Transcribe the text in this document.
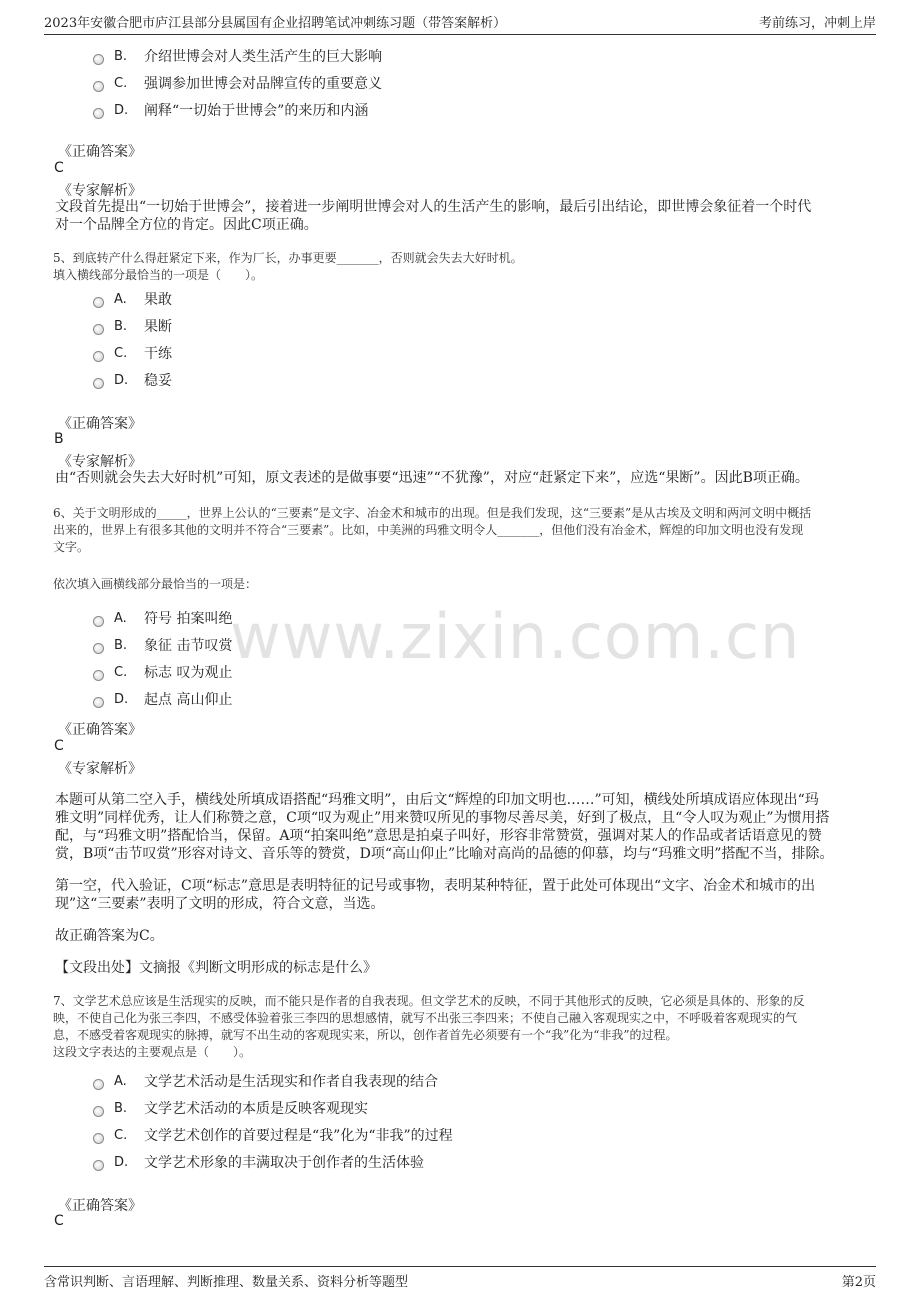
2023年安徽合肥市庐江县部分县属国有企业招聘笔试冲刺练习题（带答案解析）	考前练习，冲刺上岸
www.zixin.com.cn
B.	介绍世博会对人类生活产生的巨大影响
C.	强调参加世博会对品牌宣传的重要意义
D.	阐释“一切始于世博会”的来历和内涵
《正确答案》
C
《专家解析》
文段首先提出“一切始于世博会”，接着进一步阐明世博会对人的生活产生的影响，最后引出结论，即世博会象征着一个时代
对一个品牌全方位的肯定。因此C项正确。
5、到底转产什么得赶紧定下来，作为厂长，办事更要_______，否则就会失去大好时机。
填入横线部分最恰当的一项是（　　）。
A.	果敢
B.	果断
C.	干练
D.	稳妥
《正确答案》
B
《专家解析》
由“否则就会失去大好时机”可知，原文表述的是做事要“迅速”“不犹豫”，对应“赶紧定下来”，应选“果断”。因此B项正确。
6、关于文明形成的_____，世界上公认的“三要素”是文字、冶金术和城市的出现。但是我们发现，这“三要素”是从古埃及文明和两河文明中概括
出来的，世界上有很多其他的文明并不符合“三要素”。比如，中美洲的玛雅文明令人_______，但他们没有冶金术，辉煌的印加文明也没有发现
文字。
依次填入画横线部分最恰当的一项是：
A.	符号 拍案叫绝
B.	象征 击节叹赏
C.	标志 叹为观止
D.	起点 高山仰止
《正确答案》
C
《专家解析》
本题可从第二空入手，横线处所填成语搭配“玛雅文明”，由后文“辉煌的印加文明也……”可知，横线处所填成语应体现出“玛
雅文明”同样优秀，让人们称赞之意，C项“叹为观止”用来赞叹所见的事物尽善尽美，好到了极点，且“令人叹为观止”为惯用搭
配，与“玛雅文明”搭配恰当，保留。A项“拍案叫绝”意思是拍桌子叫好，形容非常赞赏，强调对某人的作品或者话语意见的赞
赏，B项“击节叹赏”形容对诗文、音乐等的赞赏，D项“高山仰止”比喻对高尚的品德的仰慕，均与“玛雅文明”搭配不当，排除。
第一空，代入验证，C项“标志”意思是表明特征的记号或事物，表明某种特征，置于此处可体现出“文字、冶金术和城市的出
现”这“三要素”表明了文明的形成，符合文意，当选。
故正确答案为C。
【文段出处】文摘报《判断文明形成的标志是什么》
7、文学艺术总应该是生活现实的反映，而不能只是作者的自我表现。但文学艺术的反映，不同于其他形式的反映，它必须是具体的、形象的反
映，不使自己化为张三李四，不感受体验着张三李四的思想感情，就写不出张三李四来；不使自己融入客观现实之中，不呼吸着客观现实的气
息，不感受着客观现实的脉搏，就写不出生动的客观现实来，所以，创作者首先必须要有一个“我”化为“非我”的过程。
这段文字表达的主要观点是（　　）。
A.	文学艺术活动是生活现实和作者自我表现的结合
B.	文学艺术活动的本质是反映客观现实
C.	文学艺术创作的首要过程是“我”化为“非我”的过程
D.	文学艺术形象的丰满取决于创作者的生活体验
《正确答案》
C
含常识判断、言语理解、判断推理、数量关系、资料分析等题型	第2页
